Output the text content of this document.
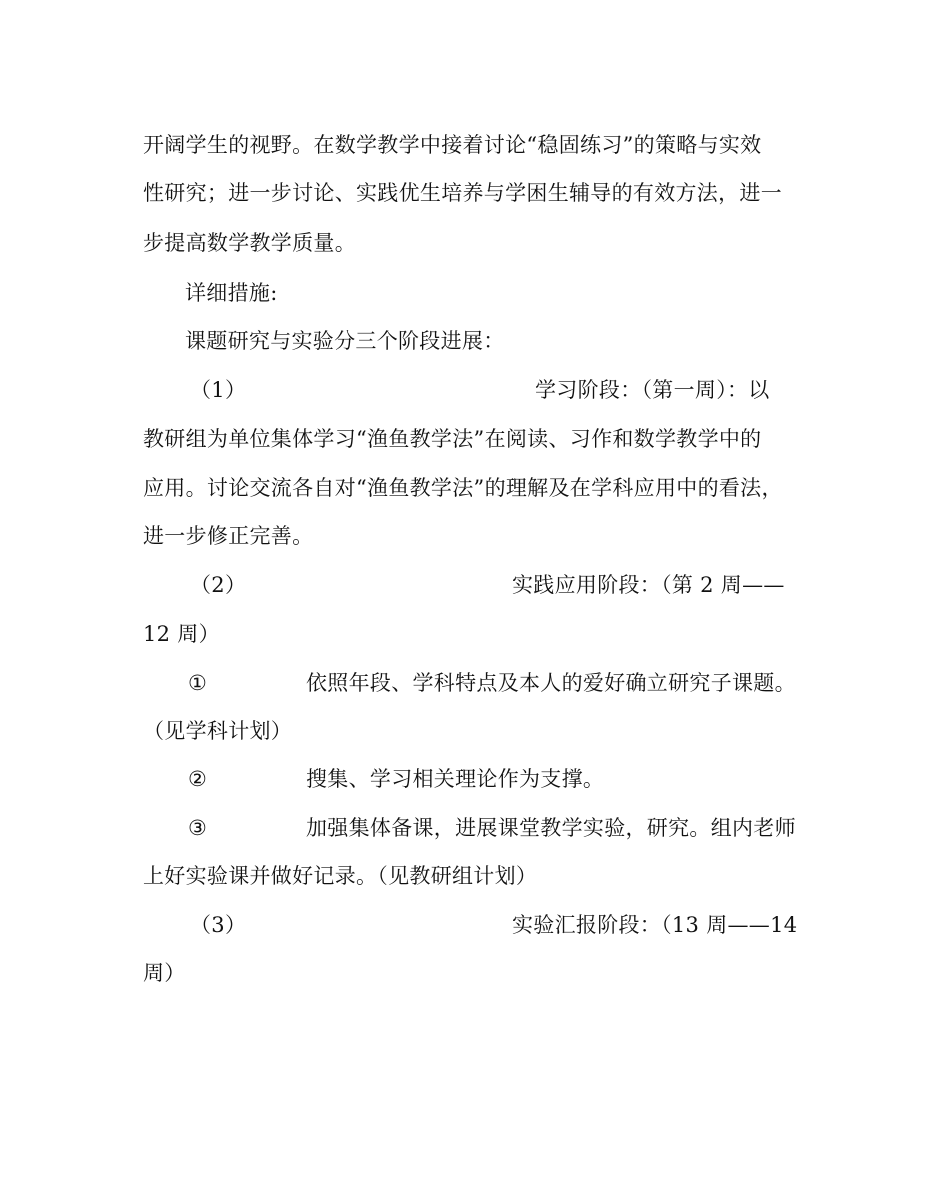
开阔学生的视野。在数学教学中接着讨论“稳固练习”的策略与实效
性研究；进一步讨论、实践优生培养与学困生辅导的有效方法，进一
步提高数学教学质量。
详细措施:
课题研究与实验分三个阶段进展：
（1）	学习阶段：（第一周）：以
教研组为单位集体学习“渔鱼教学法”在阅读、习作和数学教学中的
应用。讨论交流各自对“渔鱼教学法”的理解及在学科应用中的看法，
进一步修正完善。
（2）	实践应用阶段：（第 2 周——
12 周）
①	依照年段、学科特点及本人的爱好确立研究子课题。
（见学科计划）
②	搜集、学习相关理论作为支撑。
③	加强集体备课，进展课堂教学实验，研究。组内老师
上好实验课并做好记录。（见教研组计划）
（3）	实验汇报阶段：（13 周——14
周）
